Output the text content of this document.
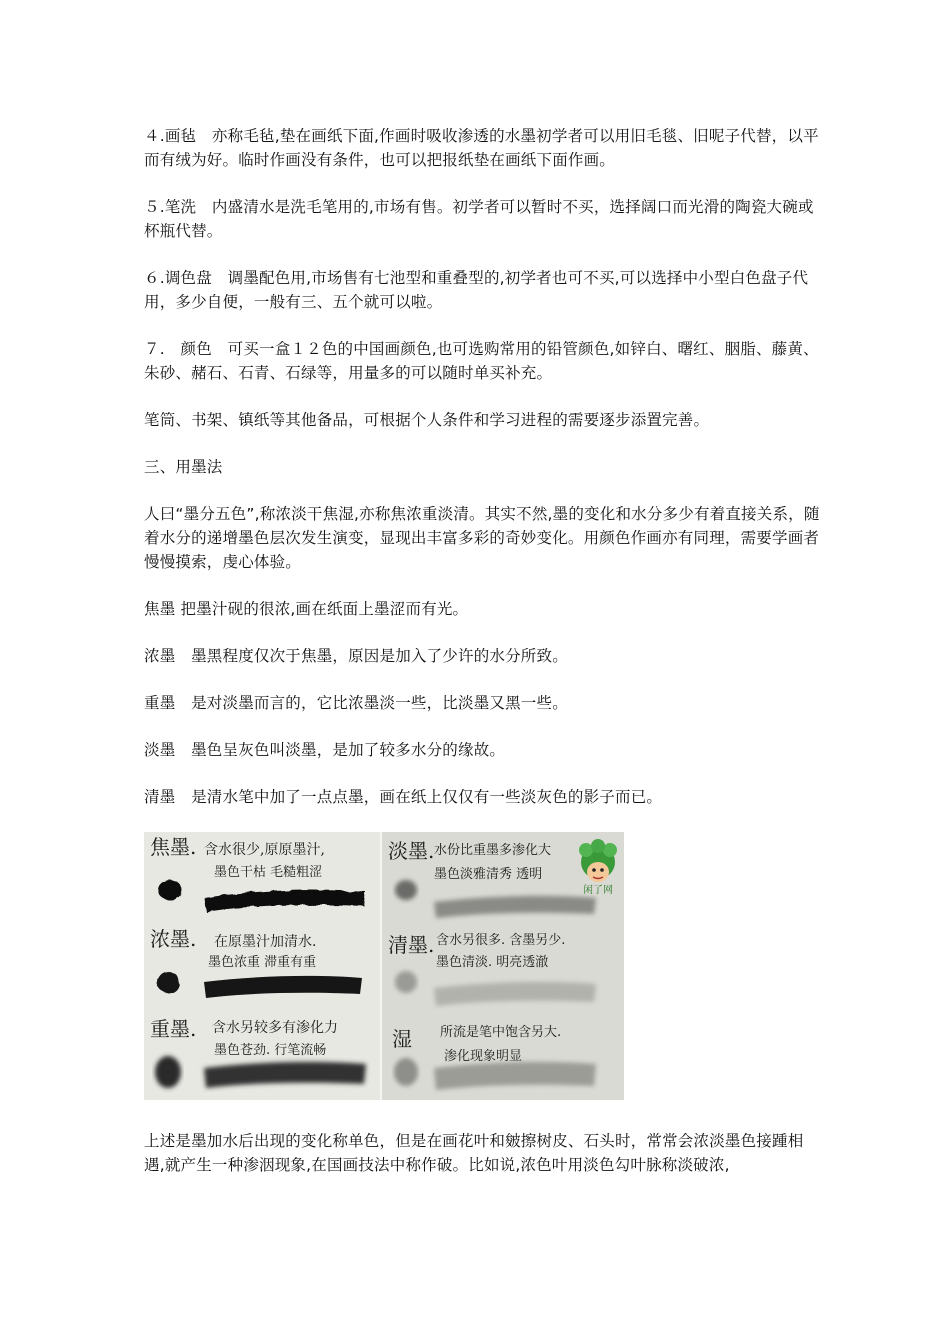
４.画毡　亦称毛毡,垫在画纸下面,作画时吸收渗透的水墨初学者可以用旧毛毯、旧呢子代替，以平而有绒为好。临时作画没有条件，也可以把报纸垫在画纸下面作画。

５.笔洗　内盛清水是洗毛笔用的,市场有售。初学者可以暂时不买，选择阔口而光滑的陶瓷大碗或杯瓶代替。

６.调色盘　调墨配色用,市场售有七池型和重叠型的,初学者也可不买,可以选择中小型白色盘子代用，多少自便，一般有三、五个就可以啦。

７.　颜色　可买一盒１２色的中国画颜色,也可选购常用的铅管颜色,如锌白、曙红、胭脂、藤黄、朱砂、赭石、石青、石绿等，用量多的可以随时单买补充。

笔筒、书架、镇纸等其他备品，可根据个人条件和学习进程的需要逐步添置完善。

三、用墨法

人曰“墨分五色”,称浓淡干焦湿,亦称焦浓重淡清。其实不然,墨的变化和水分多少有着直接关系，随着水分的递增墨色层次发生演变，显现出丰富多彩的奇妙变化。用颜色作画亦有同理，需要学画者慢慢摸索，虔心体验。

焦墨 把墨汁砚的很浓,画在纸面上墨涩而有光。

浓墨　墨黑程度仅次于焦墨，原因是加入了少许的水分所致。

重墨　是对淡墨而言的，它比浓墨淡一些，比淡墨又黑一些。

淡墨　墨色呈灰色叫淡墨，是加了较多水分的缘故。

清墨　是清水笔中加了一点点墨，画在纸上仅仅有一些淡灰色的影子而已。

焦墨. 含水很少,原原墨汁,
墨色干枯 毛糙粗涩
浓墨. 在原墨汁加清水.
墨色浓重 滞重有重
重墨. 含水另较多有渗化力
墨色苍劲. 行笔流畅
淡墨. 水份比重墨多渗化大
墨色淡雅清秀 透明
清墨. 含水另很多. 含墨另少.
墨色清淡. 明亮透澈
湿 所流是笔中饱含另大.
渗化现象明显
闲了网

上述是墨加水后出现的变化称单色，但是在画花叶和皴擦树皮、石头时，常常会浓淡墨色接踵相遇,就产生一种渗洇现象,在国画技法中称作破。比如说,浓色叶用淡色勾叶脉称淡破浓,
